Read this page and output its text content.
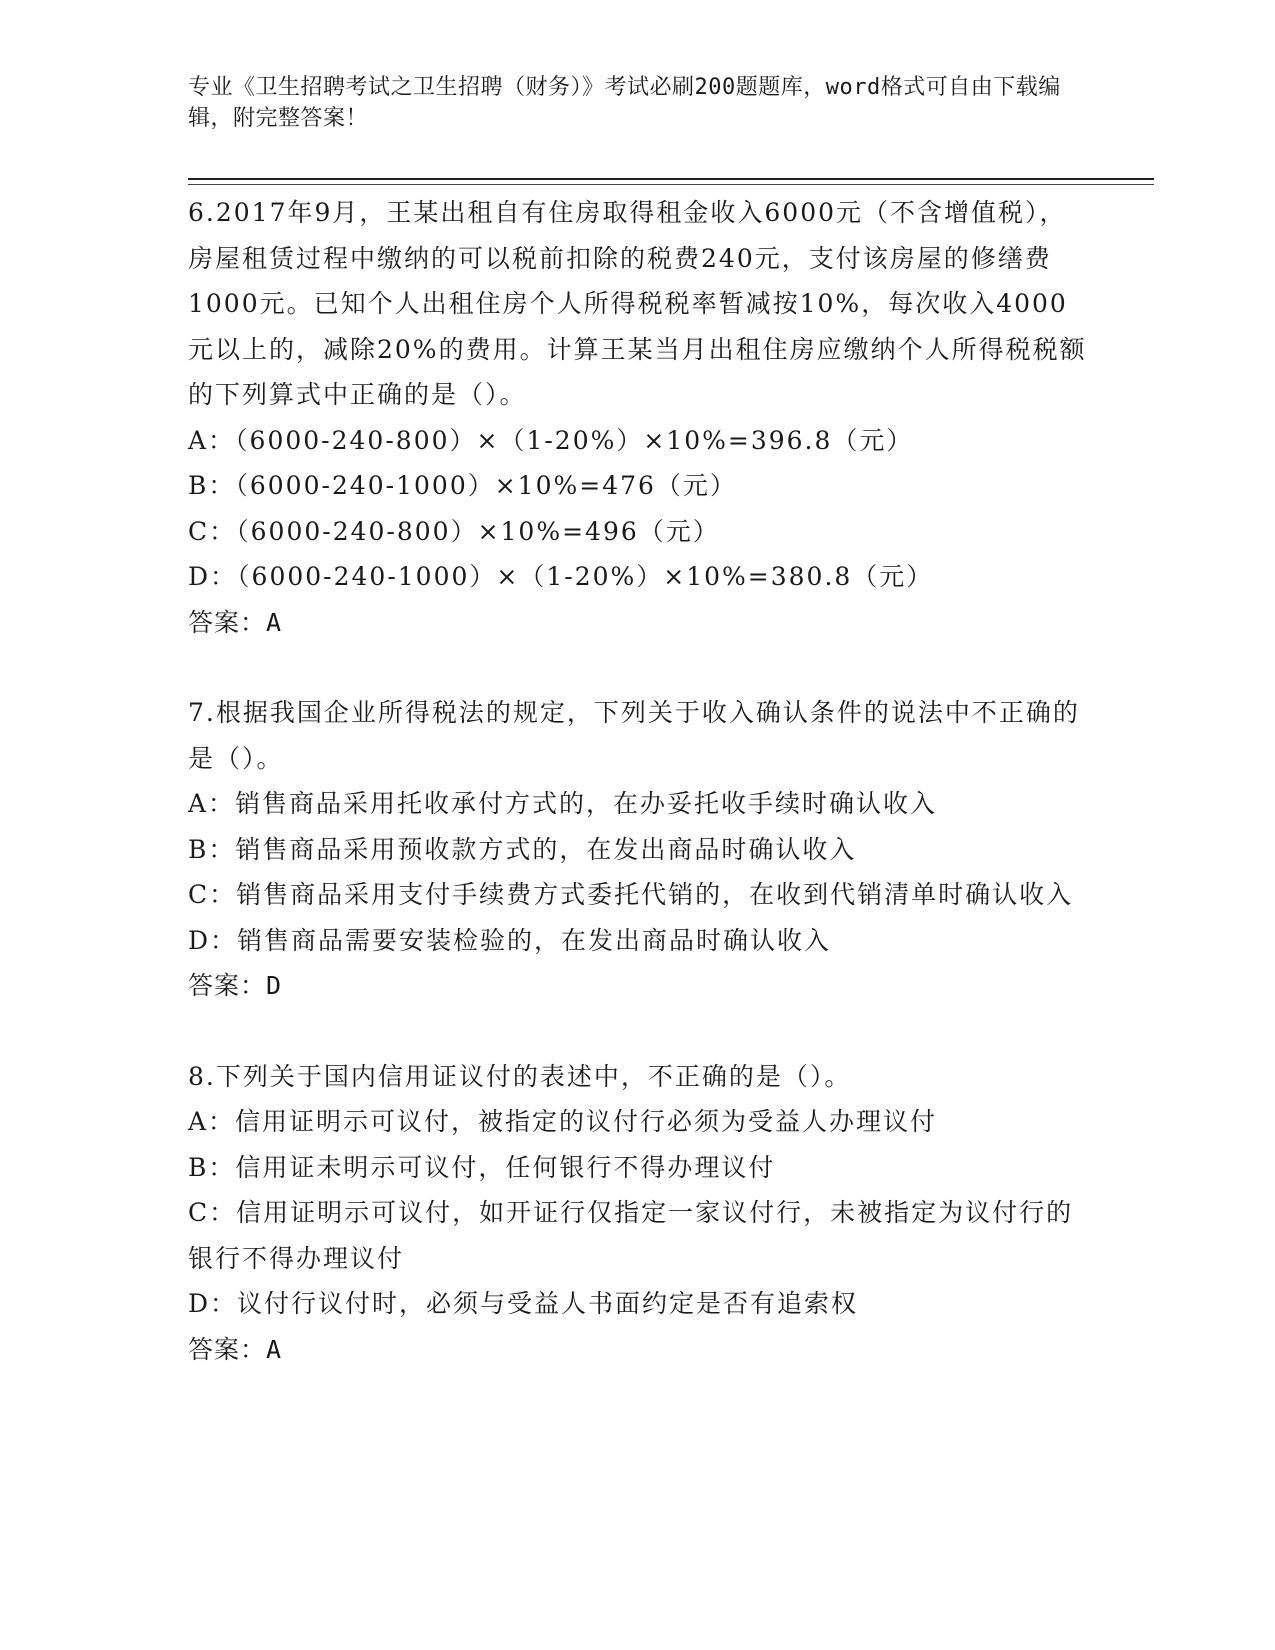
专业《卫生招聘考试之卫生招聘（财务）》考试必刷200题题库，word格式可自由下载编辑，附完整答案！

6.2017年9月，王某出租自有住房取得租金收入6000元（不含增值税），房屋租赁过程中缴纳的可以税前扣除的税费240元，支付该房屋的修缮费1000元。已知个人出租住房个人所得税税率暂减按10%，每次收入4000元以上的，减除20%的费用。计算王某当月出租住房应缴纳个人所得税税额的下列算式中正确的是（）。

A：（6000-240-800）×（1-20%）×10%=396.8（元）

B：（6000-240-1000）×10%=476（元）

C：（6000-240-800）×10%=496（元）

D：（6000-240-1000）×（1-20%）×10%=380.8（元）

答案：A

7.根据我国企业所得税法的规定，下列关于收入确认条件的说法中不正确的是（）。

A：销售商品采用托收承付方式的，在办妥托收手续时确认收入

B：销售商品采用预收款方式的，在发出商品时确认收入

C：销售商品采用支付手续费方式委托代销的，在收到代销清单时确认收入

D：销售商品需要安装检验的，在发出商品时确认收入

答案：D

8.下列关于国内信用证议付的表述中，不正确的是（）。

A：信用证明示可议付，被指定的议付行必须为受益人办理议付

B：信用证未明示可议付，任何银行不得办理议付

C：信用证明示可议付，如开证行仅指定一家议付行，未被指定为议付行的银行不得办理议付

D：议付行议付时，必须与受益人书面约定是否有追索权

答案：A
